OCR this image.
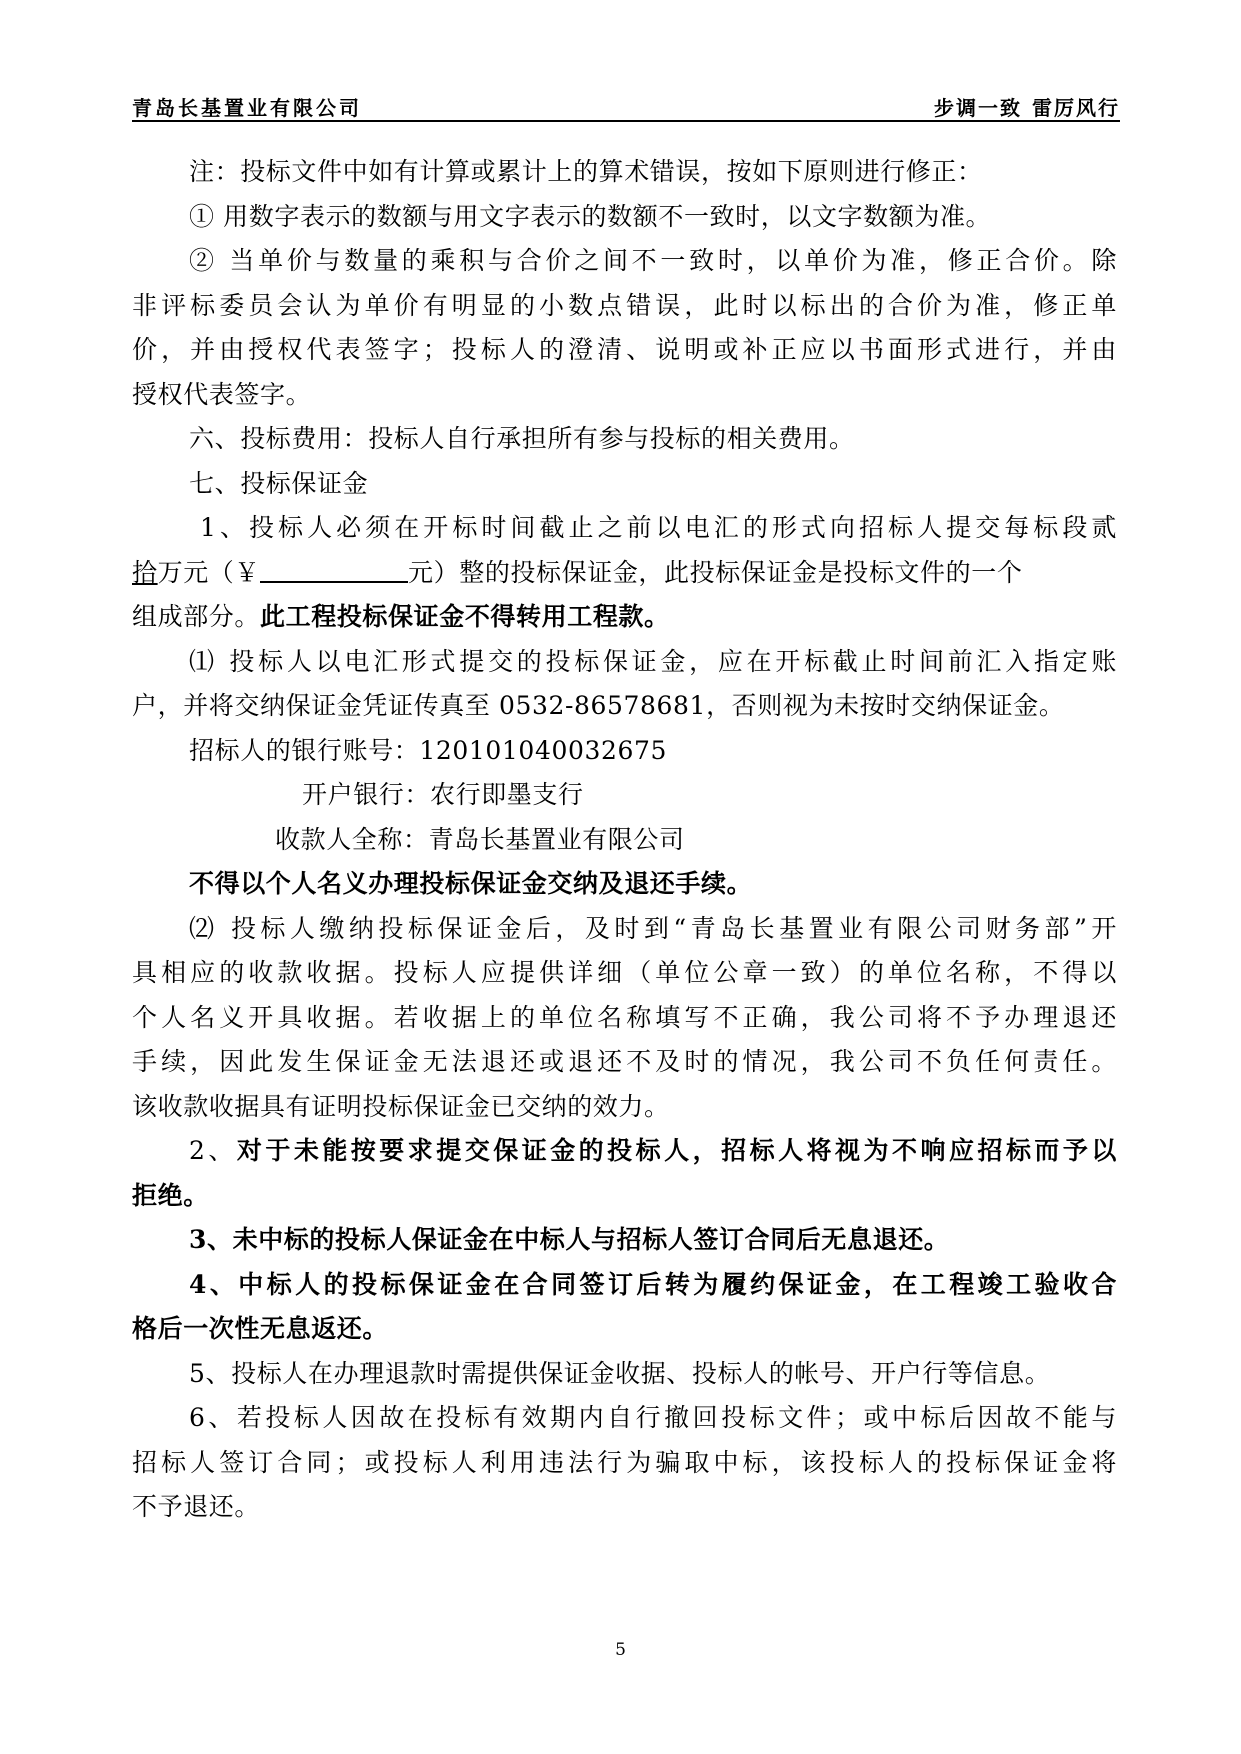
青岛长基置业有限公司	步调一致 雷厉风行
注：投标文件中如有计算或累计上的算术错误，按如下原则进行修正：
① 用数字表示的数额与用文字表示的数额不一致时，以文字数额为准。
② 当单价与数量的乘积与合价之间不一致时，以单价为准，修正合价。除
非评标委员会认为单价有明显的小数点错误，此时以标出的合价为准，修正单
价，并由授权代表签字；投标人的澄清、说明或补正应以书面形式进行，并由
授权代表签字。
六、投标费用：投标人自行承担所有参与投标的相关费用。
七、投标保证金
1、投标人必须在开标时间截止之前以电汇的形式向招标人提交每标段贰
拾万元（￥	元）整的投标保证金，此投标保证金是投标文件的一个
组成部分。此工程投标保证金不得转用工程款。
⑴ 投标人以电汇形式提交的投标保证金，应在开标截止时间前汇入指定账
户，并将交纳保证金凭证传真至 0532-86578681，否则视为未按时交纳保证金。
招标人的银行账号：120101040032675
开户银行：农行即墨支行
收款人全称：青岛长基置业有限公司
不得以个人名义办理投标保证金交纳及退还手续。
⑵ 投标人缴纳投标保证金后，及时到“青岛长基置业有限公司财务部”开
具相应的收款收据。投标人应提供详细（单位公章一致）的单位名称，不得以
个人名义开具收据。若收据上的单位名称填写不正确，我公司将不予办理退还
手续，因此发生保证金无法退还或退还不及时的情况，我公司不负任何责任。
该收款收据具有证明投标保证金已交纳的效力。
2、对于未能按要求提交保证金的投标人，招标人将视为不响应招标而予以
拒绝。
3、未中标的投标人保证金在中标人与招标人签订合同后无息退还。
4、中标人的投标保证金在合同签订后转为履约保证金，在工程竣工验收合
格后一次性无息返还。
5、投标人在办理退款时需提供保证金收据、投标人的帐号、开户行等信息。
6、若投标人因故在投标有效期内自行撤回投标文件；或中标后因故不能与
招标人签订合同；或投标人利用违法行为骗取中标，该投标人的投标保证金将
不予退还。
5
